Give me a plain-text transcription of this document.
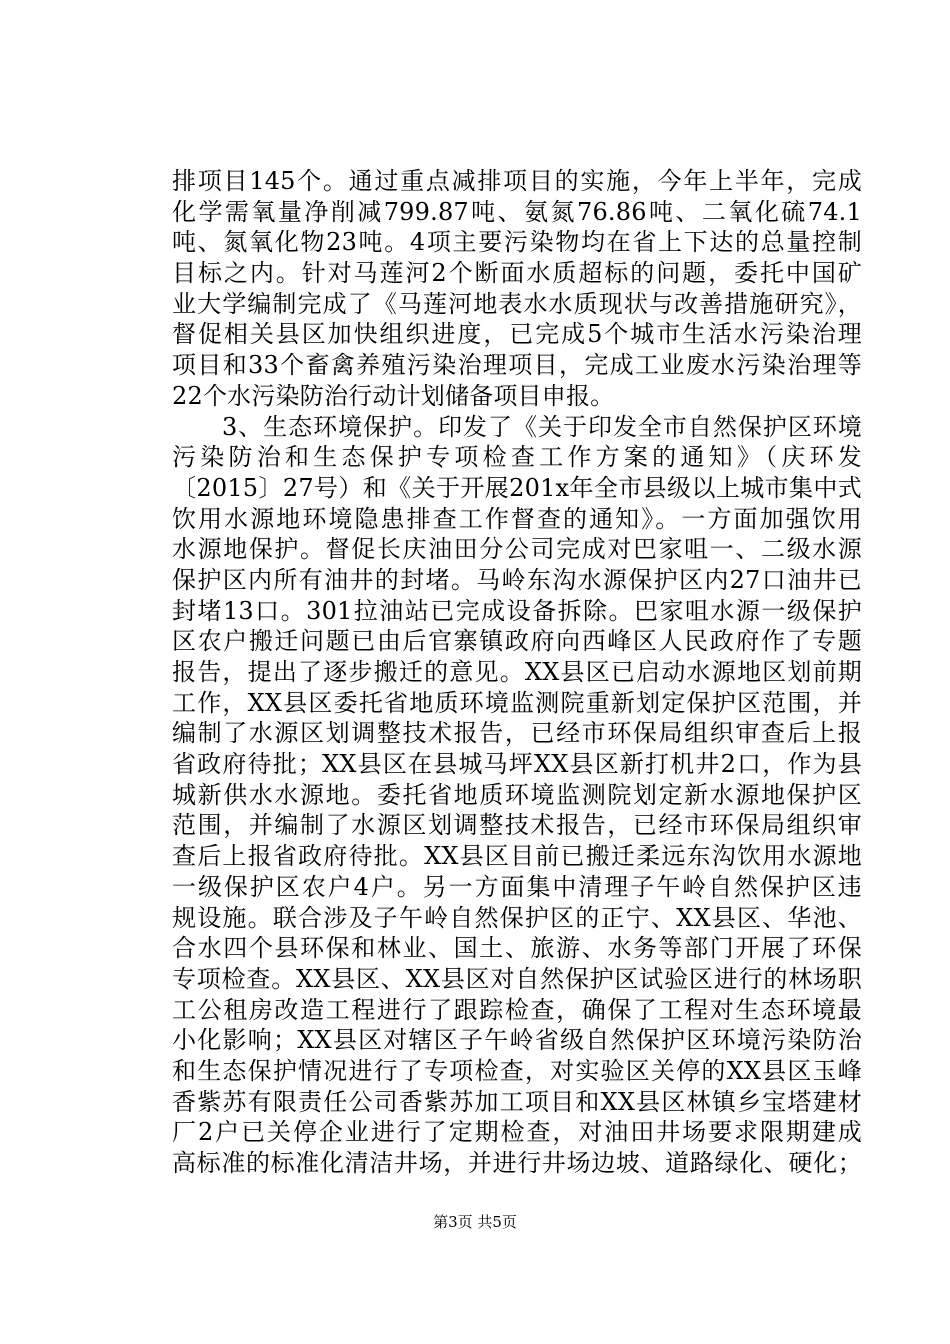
排项目145个。通过重点减排项目的实施，今年上半年，完成
化学需氧量净削减799.87吨、氨氮76.86吨、二氧化硫74.1
吨、氮氧化物23吨。4项主要污染物均在省上下达的总量控制
目标之内。针对马莲河2个断面水质超标的问题，委托中国矿
业大学编制完成了《马莲河地表水水质现状与改善措施研究》，
督促相关县区加快组织进度，已完成5个城市生活水污染治理
项目和33个畜禽养殖污染治理项目，完成工业废水污染治理等
22个水污染防治行动计划储备项目申报。
　　3、生态环境保护。印发了《关于印发全市自然保护区环境
污染防治和生态保护专项检查工作方案的通知》（庆环发
〔2015〕27号）和《关于开展201x年全市县级以上城市集中式
饮用水源地环境隐患排查工作督查的通知》。一方面加强饮用
水源地保护。督促长庆油田分公司完成对巴家咀一、二级水源
保护区内所有油井的封堵。马岭东沟水源保护区内27口油井已
封堵13口。301拉油站已完成设备拆除。巴家咀水源一级保护
区农户搬迁问题已由后官寨镇政府向西峰区人民政府作了专题
报告，提出了逐步搬迁的意见。XX县区已启动水源地区划前期
工作，XX县区委托省地质环境监测院重新划定保护区范围，并
编制了水源区划调整技术报告，已经市环保局组织审查后上报
省政府待批；XX县区在县城马坪XX县区新打机井2口，作为县
城新供水水源地。委托省地质环境监测院划定新水源地保护区
范围，并编制了水源区划调整技术报告，已经市环保局组织审
查后上报省政府待批。XX县区目前已搬迁柔远东沟饮用水源地
一级保护区农户4户。另一方面集中清理子午岭自然保护区违
规设施。联合涉及子午岭自然保护区的正宁、XX县区、华池、
合水四个县环保和林业、国土、旅游、水务等部门开展了环保
专项检查。XX县区、XX县区对自然保护区试验区进行的林场职
工公租房改造工程进行了跟踪检查，确保了工程对生态环境最
小化影响；XX县区对辖区子午岭省级自然保护区环境污染防治
和生态保护情况进行了专项检查，对实验区关停的XX县区玉峰
香紫苏有限责任公司香紫苏加工项目和XX县区林镇乡宝塔建材
厂2户已关停企业进行了定期检查，对油田井场要求限期建成
高标准的标准化清洁井场，并进行井场边坡、道路绿化、硬化；
第3页 共5页
